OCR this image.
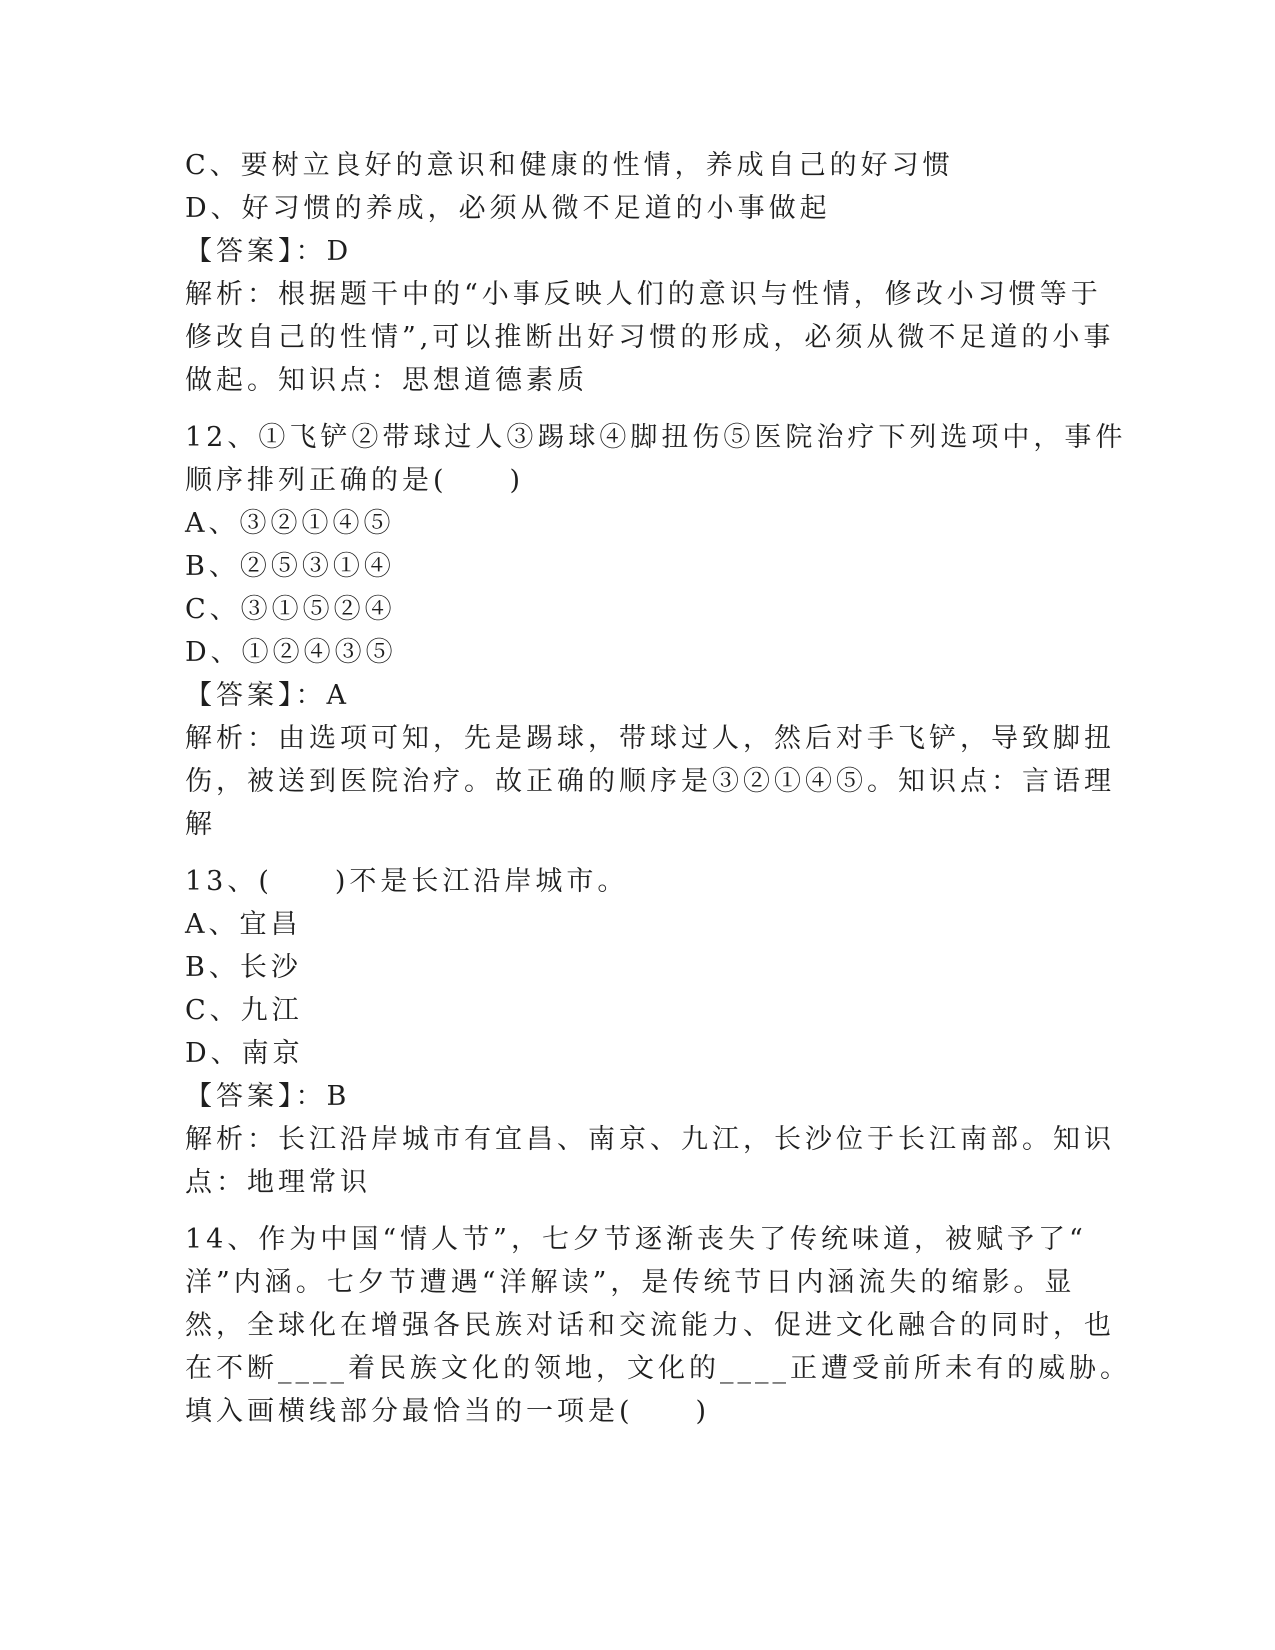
C、要树立良好的意识和健康的性情，养成自己的好习惯
D、好习惯的养成，必须从微不足道的小事做起
【答案】：D
解析：根据题干中的“小事反映人们的意识与性情，修改小习惯等于
修改自己的性情”,可以推断出好习惯的形成，必须从微不足道的小事
做起。知识点：思想道德素质
12、①飞铲②带球过人③踢球④脚扭伤⑤医院治疗下列选项中，事件
顺序排列正确的是(　　)
A、③②①④⑤
B、②⑤③①④
C、③①⑤②④
D、①②④③⑤
【答案】：A
解析：由选项可知，先是踢球，带球过人，然后对手飞铲，导致脚扭
伤，被送到医院治疗。故正确的顺序是③②①④⑤。知识点：言语理
解
13、(　　)不是长江沿岸城市。
A、宜昌
B、长沙
C、九江
D、南京
【答案】：B
解析：长江沿岸城市有宜昌、南京、九江，长沙位于长江南部。知识
点：地理常识
14、作为中国“情人节”，七夕节逐渐丧失了传统味道，被赋予了“
洋”内涵。七夕节遭遇“洋解读”，是传统节日内涵流失的缩影。显
然，全球化在增强各民族对话和交流能力、促进文化融合的同时，也
在不断____着民族文化的领地，文化的____正遭受前所未有的威胁。
填入画横线部分最恰当的一项是(　　)
